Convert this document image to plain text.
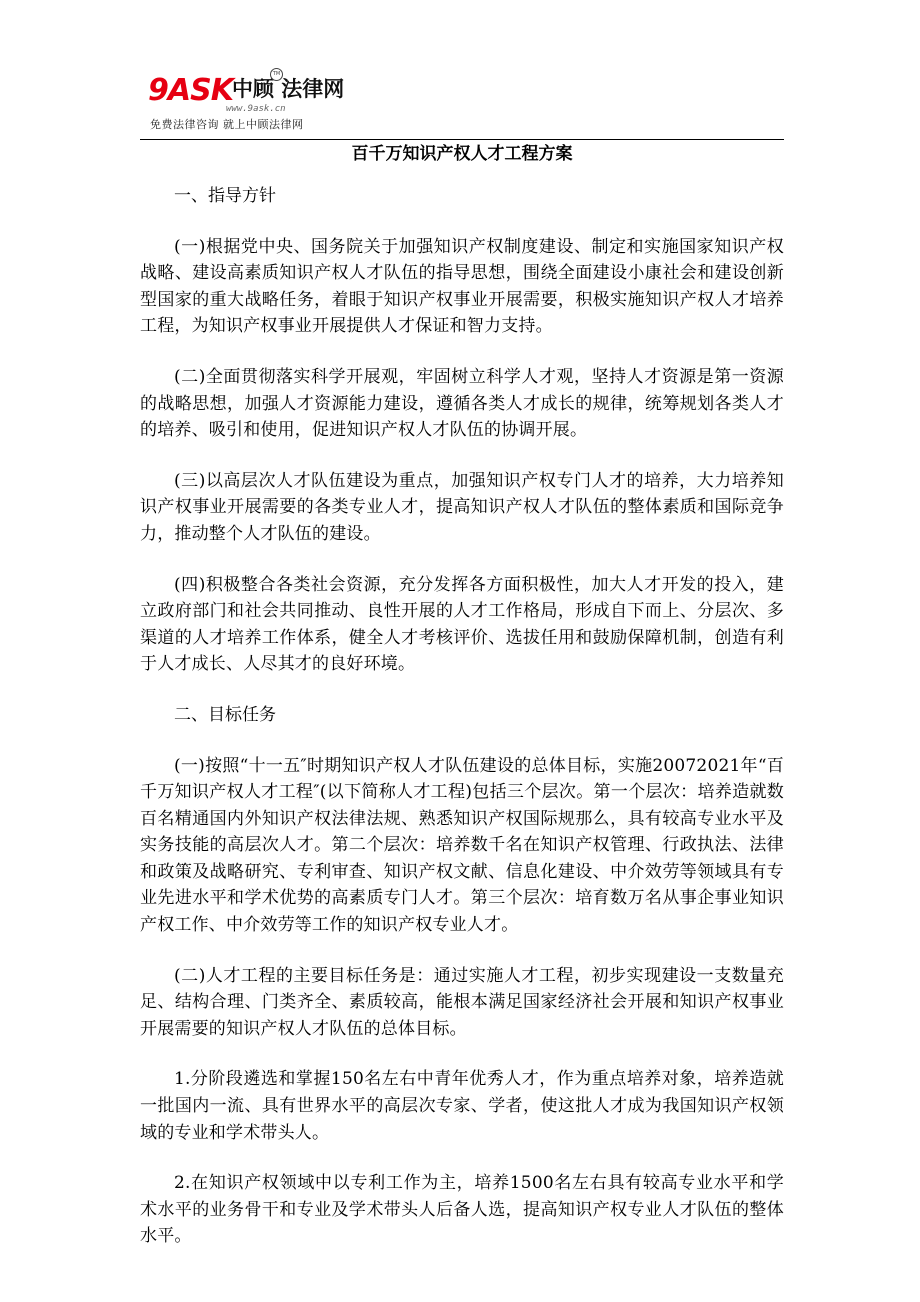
9ASK 中顾 法律网
TM
www.9ask.cn
免费法律咨询 就上中顾法律网
百千万知识产权人才工程方案

一、指导方针

(一)根据党中央、国务院关于加强知识产权制度建设、制定和实施国家知识产权战略、建设高素质知识产权人才队伍的指导思想，围绕全面建设小康社会和建设创新型国家的重大战略任务，着眼于知识产权事业开展需要，积极实施知识产权人才培养工程，为知识产权事业开展提供人才保证和智力支持。

(二)全面贯彻落实科学开展观，牢固树立科学人才观，坚持人才资源是第一资源的战略思想，加强人才资源能力建设，遵循各类人才成长的规律，统筹规划各类人才的培养、吸引和使用，促进知识产权人才队伍的协调开展。

(三)以高层次人才队伍建设为重点，加强知识产权专门人才的培养，大力培养知识产权事业开展需要的各类专业人才，提高知识产权人才队伍的整体素质和国际竞争力，推动整个人才队伍的建设。

(四)积极整合各类社会资源，充分发挥各方面积极性，加大人才开发的投入，建立政府部门和社会共同推动、良性开展的人才工作格局，形成自下而上、分层次、多渠道的人才培养工作体系，健全人才考核评价、选拔任用和鼓励保障机制，创造有利于人才成长、人尽其才的良好环境。

二、目标任务

(一)按照“十一五″时期知识产权人才队伍建设的总体目标，实施20072021年“百千万知识产权人才工程″(以下简称人才工程)包括三个层次。第一个层次：培养造就数百名精通国内外知识产权法律法规、熟悉知识产权国际规那么，具有较高专业水平及实务技能的高层次人才。第二个层次：培养数千名在知识产权管理、行政执法、法律和政策及战略研究、专利审查、知识产权文献、信息化建设、中介效劳等领域具有专业先进水平和学术优势的高素质专门人才。第三个层次：培育数万名从事企事业知识产权工作、中介效劳等工作的知识产权专业人才。

(二)人才工程的主要目标任务是：通过实施人才工程，初步实现建设一支数量充足、结构合理、门类齐全、素质较高，能根本满足国家经济社会开展和知识产权事业开展需要的知识产权人才队伍的总体目标。

1.分阶段遴选和掌握150名左右中青年优秀人才，作为重点培养对象，培养造就一批国内一流、具有世界水平的高层次专家、学者，使这批人才成为我国知识产权领域的专业和学术带头人。

2.在知识产权领域中以专利工作为主，培养1500名左右具有较高专业水平和学术水平的业务骨干和专业及学术带头人后备人选，提高知识产权专业人才队伍的整体水平。
